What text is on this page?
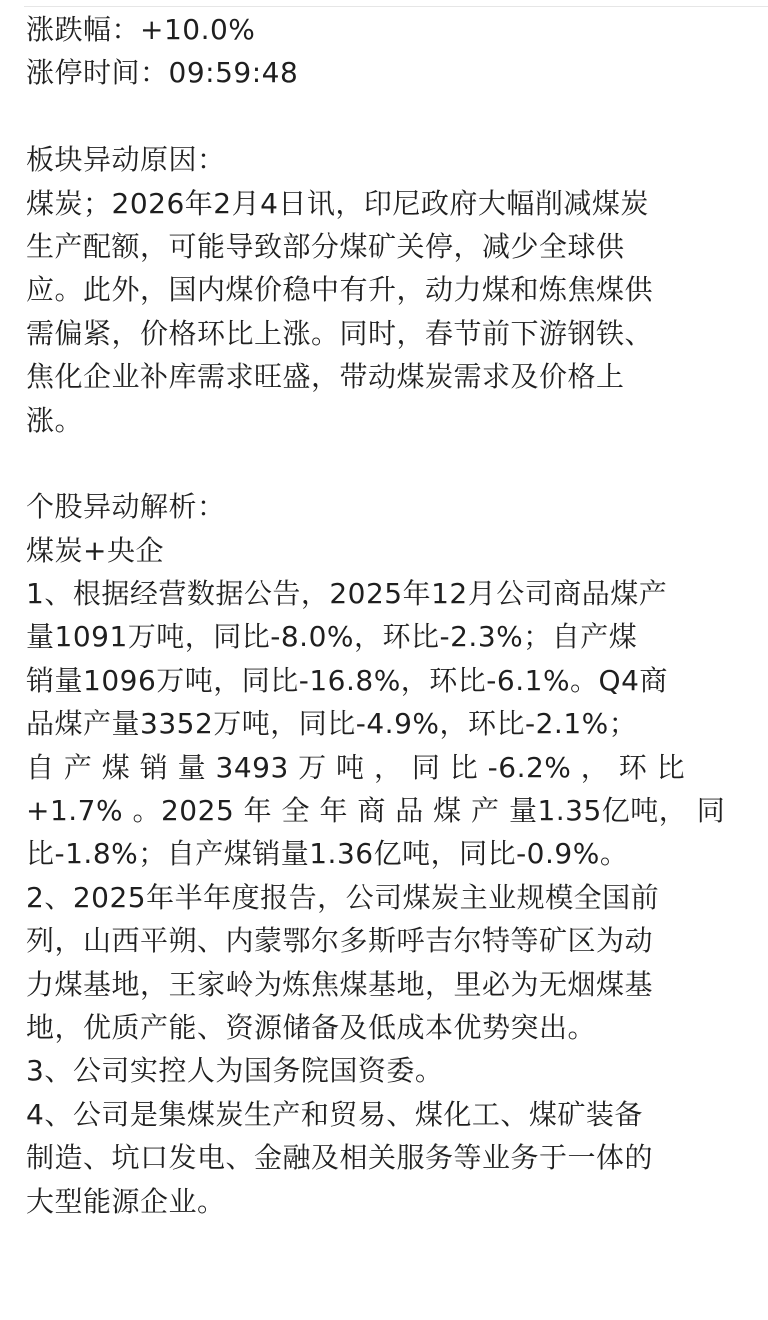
涨跌幅：+10.0%
涨停时间：09:59:48
板块异动原因：
煤炭；2026年2月4日讯，印尼政府大幅削减煤炭
生产配额，可能导致部分煤矿关停，减少全球供
应。此外，国内煤价稳中有升，动力煤和炼焦煤供
需偏紧，价格环比上涨。同时，春节前下游钢铁、
焦化企业补库需求旺盛，带动煤炭需求及价格上
涨。
个股异动解析：
煤炭+央企
1、根据经营数据公告，2025年12月公司商品煤产
量1091万吨，同比-8.0%，环比-2.3%；自产煤
销量1096万吨，同比-16.8%，环比-6.1%。Q4商
品煤产量3352万吨，同比-4.9%，环比-2.1%；
自 产 煤 销 量 3493 万 吨 ， 同 比 -6.2% ， 环 比
+1.7% 。2025 年 全 年 商 品 煤 产 量1.35亿吨， 同
比-1.8%；自产煤销量1.36亿吨，同比-0.9%。
2、2025年半年度报告，公司煤炭主业规模全国前
列，山西平朔、内蒙鄂尔多斯呼吉尔特等矿区为动
力煤基地，王家岭为炼焦煤基地，里必为无烟煤基
地，优质产能、资源储备及低成本优势突出。
3、公司实控人为国务院国资委。
4、公司是集煤炭生产和贸易、煤化工、煤矿装备
制造、坑口发电、金融及相关服务等业务于一体的
大型能源企业。
